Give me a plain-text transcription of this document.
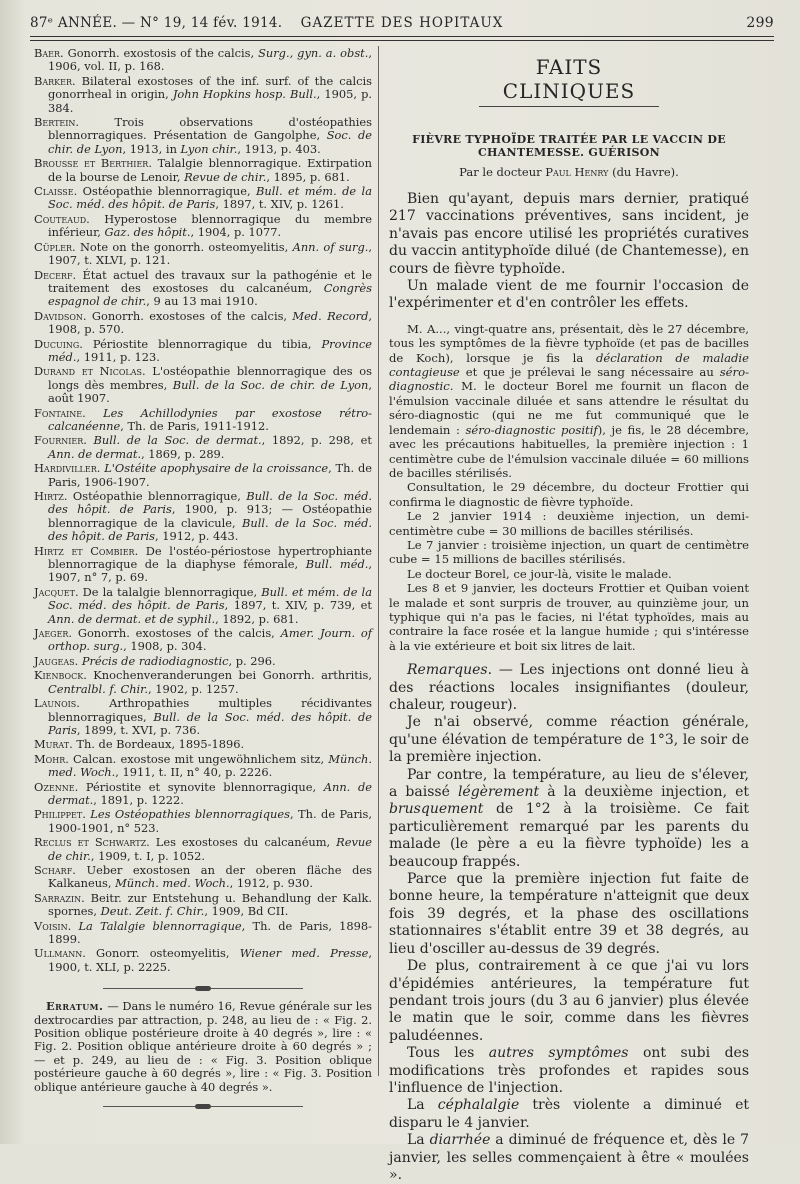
87ᵉ ANNÉE. — N° 19, 14 fév. 1914.	GAZETTE DES HOPITAUX	299

Baer. Gonorrh. exostosis of the calcis, Surg., gyn. a. obst., 1906, vol. II, p. 168.

Barker. Bilateral exostoses of the inf. surf. of the calcis gonorrheal in origin, John Hopkins hosp. Bull., 1905, p. 384.

Bertein. Trois observations d'ostéopathies blennorragiques. Présentation de Gangolphe, Soc. de chir. de Lyon, 1913, in Lyon chir., 1913, p. 403.

Brousse et Berthier. Talalgie blennorragique. Extirpation de la bourse de Lenoir, Revue de chir., 1895, p. 681.

Claisse. Ostéopathie blennorragique, Bull. et mém. de la Soc. méd. des hôpit. de Paris, 1897, t. XIV, p. 1261.

Couteaud. Hyperostose blennorragique du membre inférieur, Gaz. des hôpit., 1904, p. 1077.

Cüpler. Note on the gonorrh. osteomyelitis, Ann. of surg., 1907, t. XLVI, p. 121.

Decerf. État actuel des travaux sur la pathogénie et le traitement des exostoses du calcanéum, Congrès espagnol de chir., 9 au 13 mai 1910.

Davidson. Gonorrh. exostoses of the calcis, Med. Record, 1908, p. 570.

Ducuing. Périostite blennorragique du tibia, Province méd., 1911, p. 123.

Durand et Nicolas. L'ostéopathie blennorragique des os longs dès membres, Bull. de la Soc. de chir. de Lyon, août 1907.

Fontaine. Les Achillodynies par exostose rétro-calcanéenne, Th. de Paris, 1911-1912.

Fournier. Bull. de la Soc. de dermat., 1892, p. 298, et Ann. de dermat., 1869, p. 289.

Hardiviller. L'Ostéite apophysaire de la croissance, Th. de Paris, 1906-1907.

Hirtz. Ostéopathie blennorragique, Bull. de la Soc. méd. des hôpit. de Paris, 1900, p. 913; — Ostéopathie blennorragique de la clavicule, Bull. de la Soc. méd. des hôpit. de Paris, 1912, p. 443.

Hirtz et Combier. De l'ostéo-périostose hypertrophiante blennorragique de la diaphyse fémorale, Bull. méd., 1907, n° 7, p. 69.

Jacquet. De la talalgie blennorragique, Bull. et mém. de la Soc. méd. des hôpit. de Paris, 1897, t. XIV, p. 739, et Ann. de dermat. et de syphil., 1892, p. 681.

Jaeger. Gonorrh. exostoses of the calcis, Amer. Journ. of orthop. surg., 1908, p. 304.

Jaugeas. Précis de radiodiagnostic, p. 296.

Kienbock. Knochenveranderungen bei Gonorrh. arthritis, Centralbl. f. Chir., 1902, p. 1257.

Launois. Arthropathies multiples récidivantes blennorragiques, Bull. de la Soc. méd. des hôpit. de Paris, 1899, t. XVI, p. 736.

Murat. Th. de Bordeaux, 1895-1896.

Mohr. Calcan. exostose mit ungewöhnlichem sitz, Münch. med. Woch., 1911, t. II, n° 40, p. 2226.

Ozenne. Périostite et synovite blennorragique, Ann. de dermat., 1891, p. 1222.

Philippet. Les Ostéopathies blennorragiques, Th. de Paris, 1900-1901, n° 523.

Reclus et Schwartz. Les exostoses du calcanéum, Revue de chir., 1909, t. I, p. 1052.

Scharf. Ueber exostosen an der oberen fläche des Kalkaneus, Münch. med. Woch., 1912, p. 930.

Sarrazin. Beitr. zur Entstehung u. Behandlung der Kalk. spornes, Deut. Zeit. f. Chir., 1909, Bd CII.

Voisin. La Talalgie blennorragique, Th. de Paris, 1898-1899.

Ullmann. Gonorr. osteomyelitis, Wiener med. Presse, 1900, t. XLI, p. 2225.

Erratum. — Dans le numéro 16, Revue générale sur les dextrocardies par attraction, p. 248, au lieu de : « Fig. 2. Position oblique postérieure droite à 40 degrés », lire : « Fig. 2. Position oblique antérieure droite à 60 degrés » ; — et p. 249, au lieu de : « Fig. 3. Position oblique postérieure gauche à 60 degrés », lire : « Fig. 3. Position oblique antérieure gauche à 40 degrés ».

FAITS CLINIQUES
FIÈVRE TYPHOÏDE TRAITÉE PAR LE VACCIN DE CHANTEMESSE. GUÉRISON
Par le docteur Paul Henry (du Havre).

Bien qu'ayant, depuis mars dernier, pratiqué 217 vaccinations préventives, sans incident, je n'avais pas encore utilisé les propriétés curatives du vaccin antityphoïde dilué (de Chantemesse), en cours de fièvre typhoïde.

Un malade vient de me fournir l'occasion de l'expérimenter et d'en contrôler les effets.

M. A..., vingt-quatre ans, présentait, dès le 27 décembre, tous les symptômes de la fièvre typhoïde (et pas de bacilles de Koch), lorsque je fis la déclaration de maladie contagieuse et que je prélevai le sang nécessaire au séro-diagnostic. M. le docteur Borel me fournit un flacon de l'émulsion vaccinale diluée et sans attendre le résultat du séro-diagnostic (qui ne me fut communiqué que le lendemain : séro-diagnostic positif), je fis, le 28 décembre, avec les précautions habituelles, la première injection : 1 centimètre cube de l'émulsion vaccinale diluée = 60 millions de bacilles stérilisés.

Consultation, le 29 décembre, du docteur Frottier qui confirma le diagnostic de fièvre typhoïde.

Le 2 janvier 1914 : deuxième injection, un demi-centimètre cube = 30 millions de bacilles stérilisés.

Le 7 janvier : troisième injection, un quart de centimètre cube = 15 millions de bacilles stérilisés.

Le docteur Borel, ce jour-là, visite le malade.

Les 8 et 9 janvier, les docteurs Frottier et Quiban voient le malade et sont surpris de trouver, au quinzième jour, un typhique qui n'a pas le facies, ni l'état typhoïdes, mais au contraire la face rosée et la langue humide ; qui s'intéresse à la vie extérieure et boit six litres de lait.

Remarques. — Les injections ont donné lieu à des réactions locales insignifiantes (douleur, chaleur, rougeur).

Je n'ai observé, comme réaction générale, qu'une élévation de température de 1°3, le soir de la première injection.

Par contre, la température, au lieu de s'élever, a baissé légèrement à la deuxième injection, et brusquement de 1°2 à la troisième. Ce fait particulièrement remarqué par les parents du malade (le père a eu la fièvre typhoïde) les a beaucoup frappés.

Parce que la première injection fut faite de bonne heure, la température n'atteignit que deux fois 39 degrés, et la phase des oscillations stationnaires s'établit entre 39 et 38 degrés, au lieu d'osciller au-dessus de 39 degrés.

De plus, contrairement à ce que j'ai vu lors d'épidémies antérieures, la température fut pendant trois jours (du 3 au 6 janvier) plus élevée le matin que le soir, comme dans les fièvres paludéennes.

Tous les autres symptômes ont subi des modifications très profondes et rapides sous l'influence de l'injection.

La céphalalgie très violente a diminué et disparu le 4 janvier.

La diarrhée a diminué de fréquence et, dès le 7 janvier, les selles commençaient à être « moulées ».
